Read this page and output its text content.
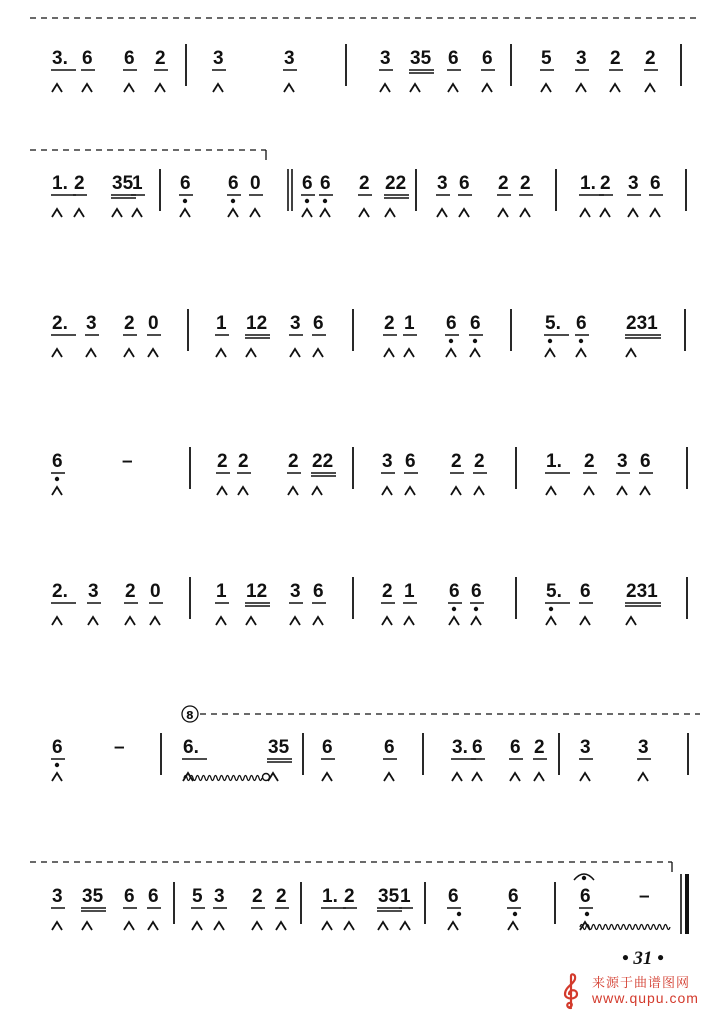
3. 6 6 2 3	3	3 35 6 6	5 3 2 2
1. 2 35
1 6 6 0 6 6 2 22 3 6 2 2	1. 2 3 6
2. 3 2 0	1 12 3 6	2 1 6 6	5. 6 231
6	–	2 2 2 22	3 6 2 2	1. 2 3 6
2. 3 2 0	1 12 3 6	2 1 6 6	5. 6 231
6	–	6.	35 6	6	3. 6 6 2 3 3
3 35 6 6 5 3 2 2 1. 2 35 1 6	6	6	–
8
• 31 •
来源于曲谱图网
www.qupu.com
